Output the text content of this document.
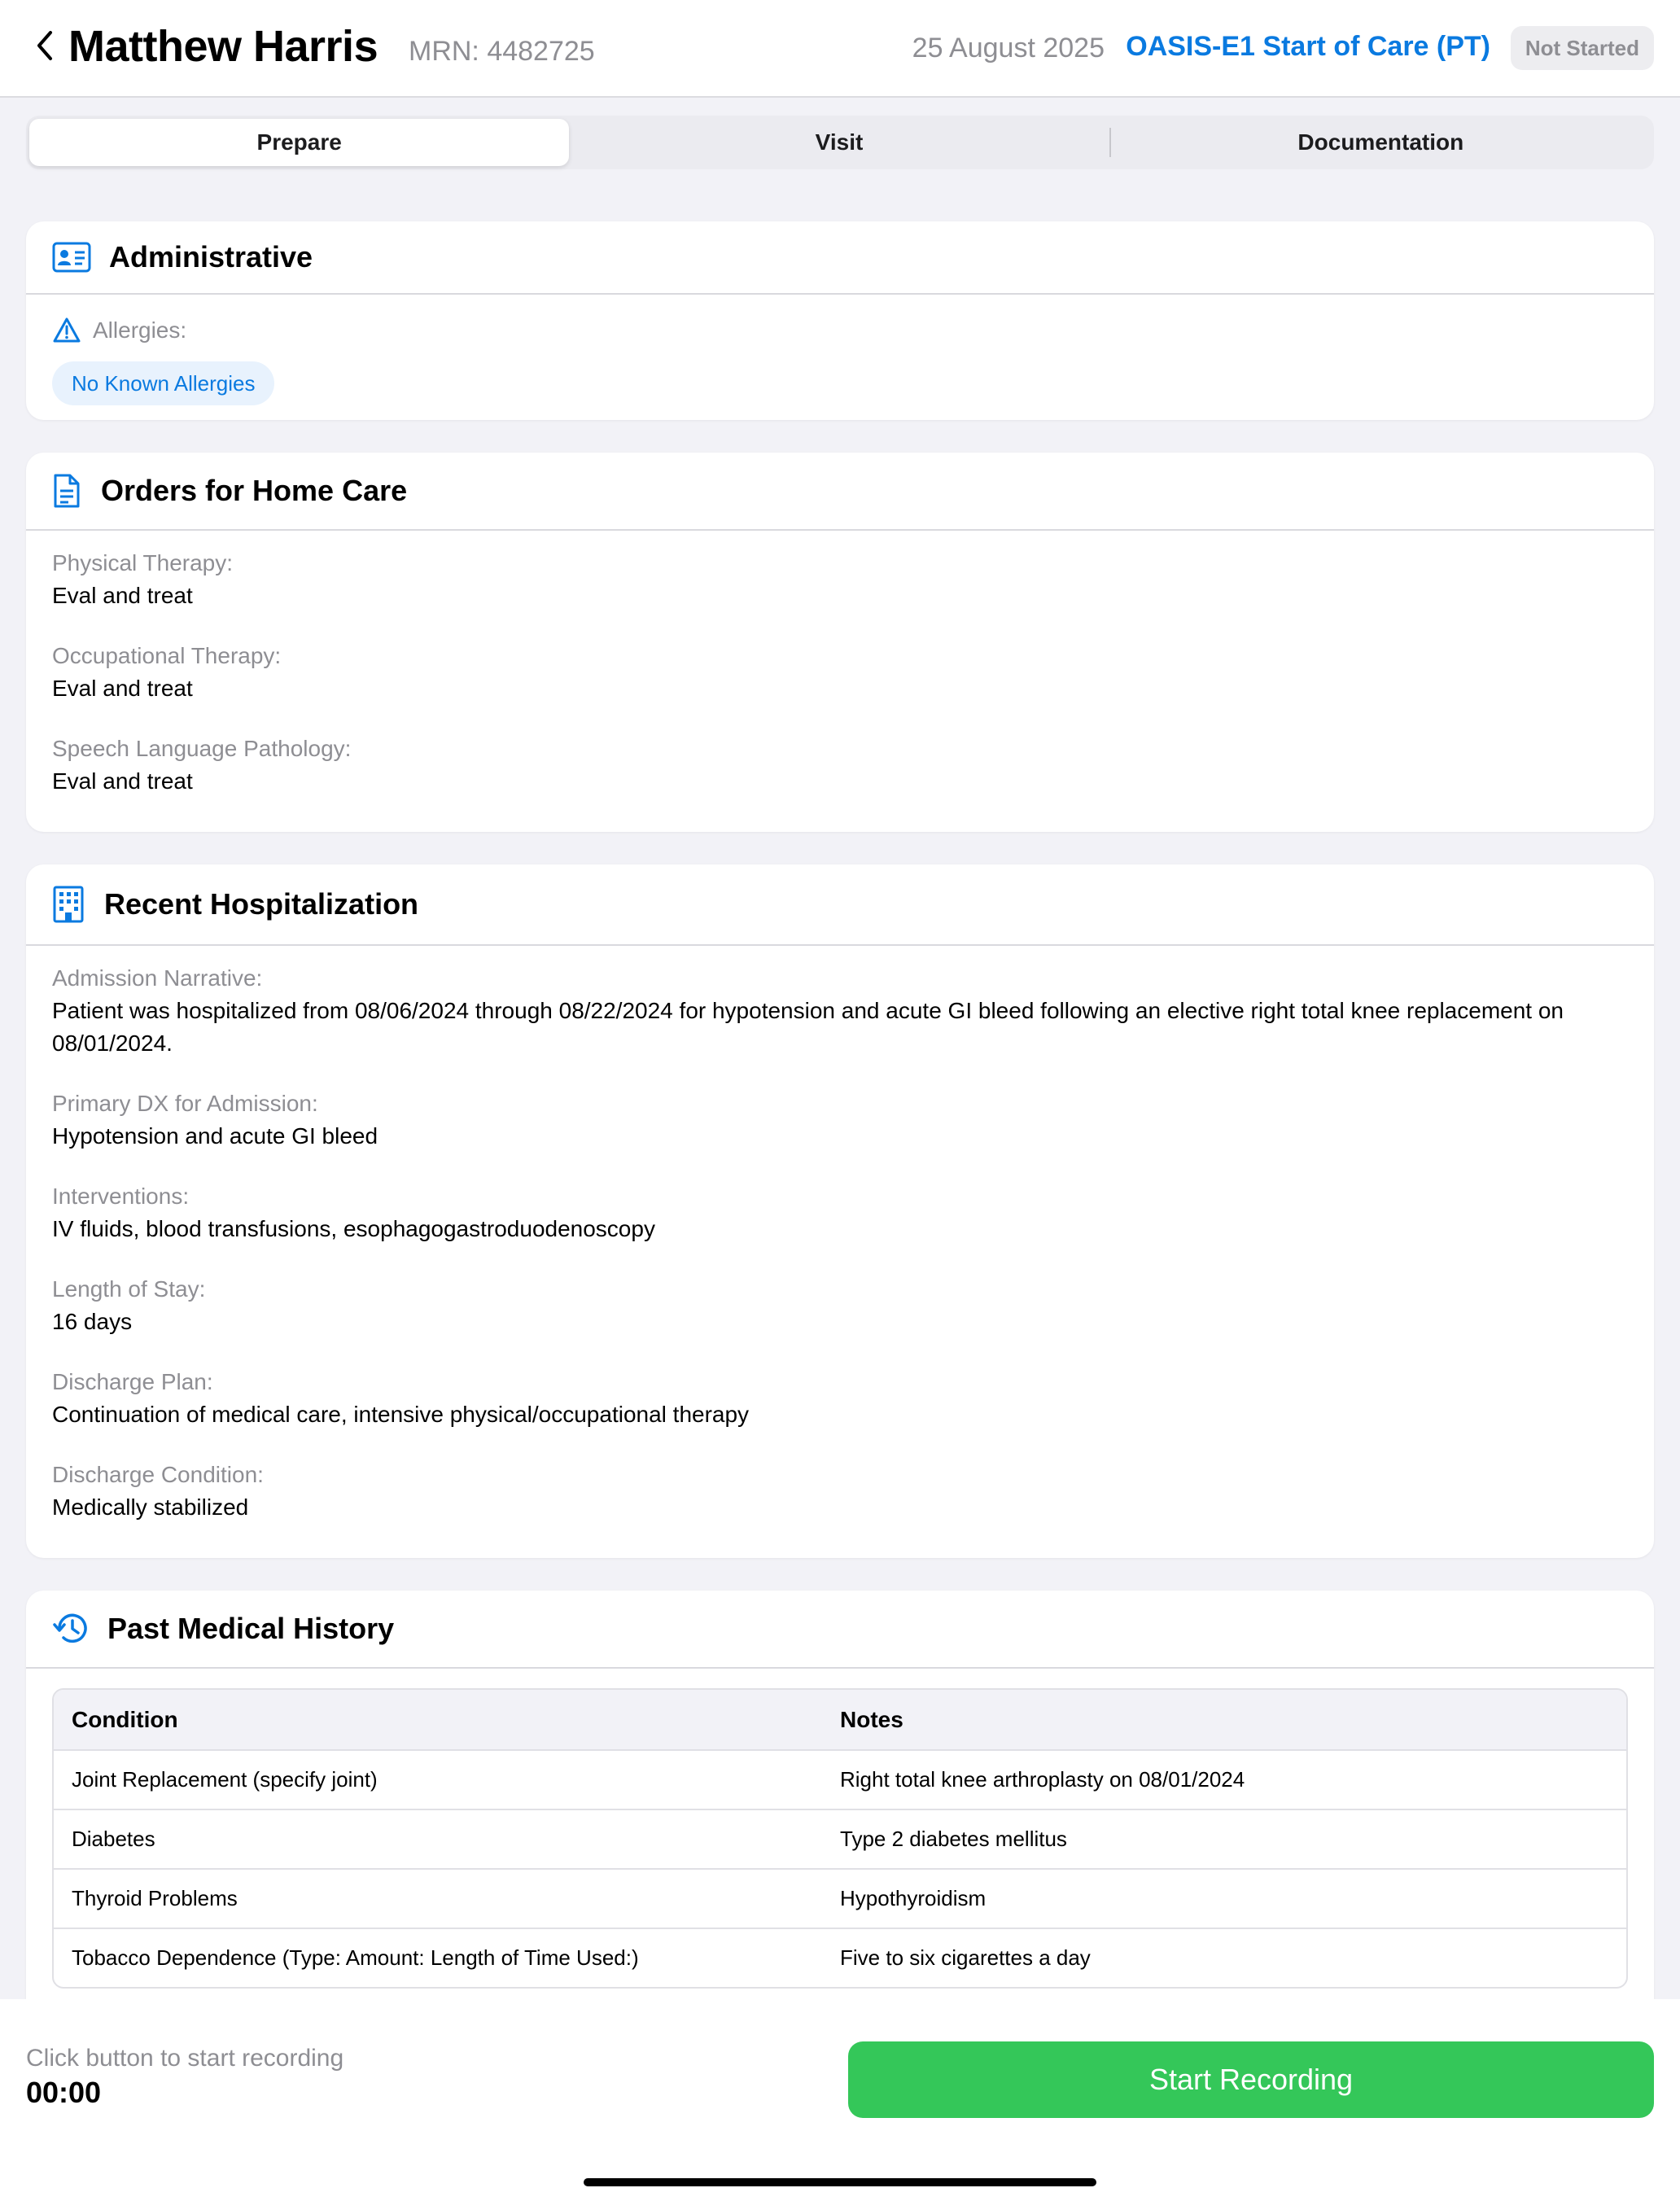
Matthew Harris MRN: 4482725	25 August 2025 OASIS-E1 Start of Care (PT)	Not Started
Prepare	Visit	Documentation
Administrative
Allergies:
No Known Allergies
Orders for Home Care
Physical Therapy:
Eval and treat
Occupational Therapy:
Eval and treat
Speech Language Pathology:
Eval and treat
Recent Hospitalization
Admission Narrative:
Patient was hospitalized from 08/06/2024 through 08/22/2024 for hypotension and acute GI bleed following an elective right total knee replacement on 08/01/2024.
Primary DX for Admission:
Hypotension and acute GI bleed
Interventions:
IV fluids, blood transfusions, esophagogastroduodenoscopy
Length of Stay:
16 days
Discharge Plan:
Continuation of medical care, intensive physical/occupational therapy
Discharge Condition:
Medically stabilized
Past Medical History
Condition	Notes
Joint Replacement (specify joint)	Right total knee arthroplasty on 08/01/2024
Diabetes	Type 2 diabetes mellitus
Thyroid Problems	Hypothyroidism
Tobacco Dependence (Type: Amount: Length of Time Used:)	Five to six cigarettes a day
Click button to start recording
00:00	Start Recording
